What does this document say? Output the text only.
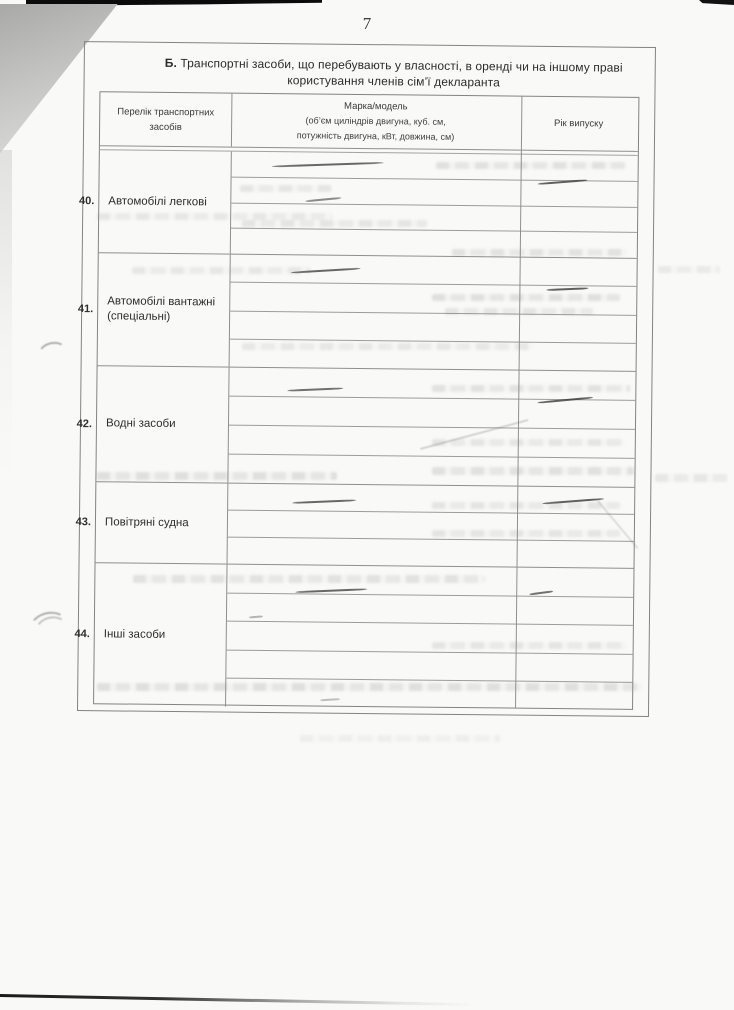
7
Б. Транспортні засоби, що перебувають у власності, в оренді чи на іншому праві
користування членів сім’ї декларанта
Перелік транспортних засобів
Марка/модель
(об’єм циліндрів двигуна, куб. см,
потужність двигуна, кВт, довжина, см)
Рік випуску
40. Автомобілі легкові
41.
Автомобілі вантажні
(спеціальні)
42. Водні засоби
43. Повітряні судна
44. Інші засоби
